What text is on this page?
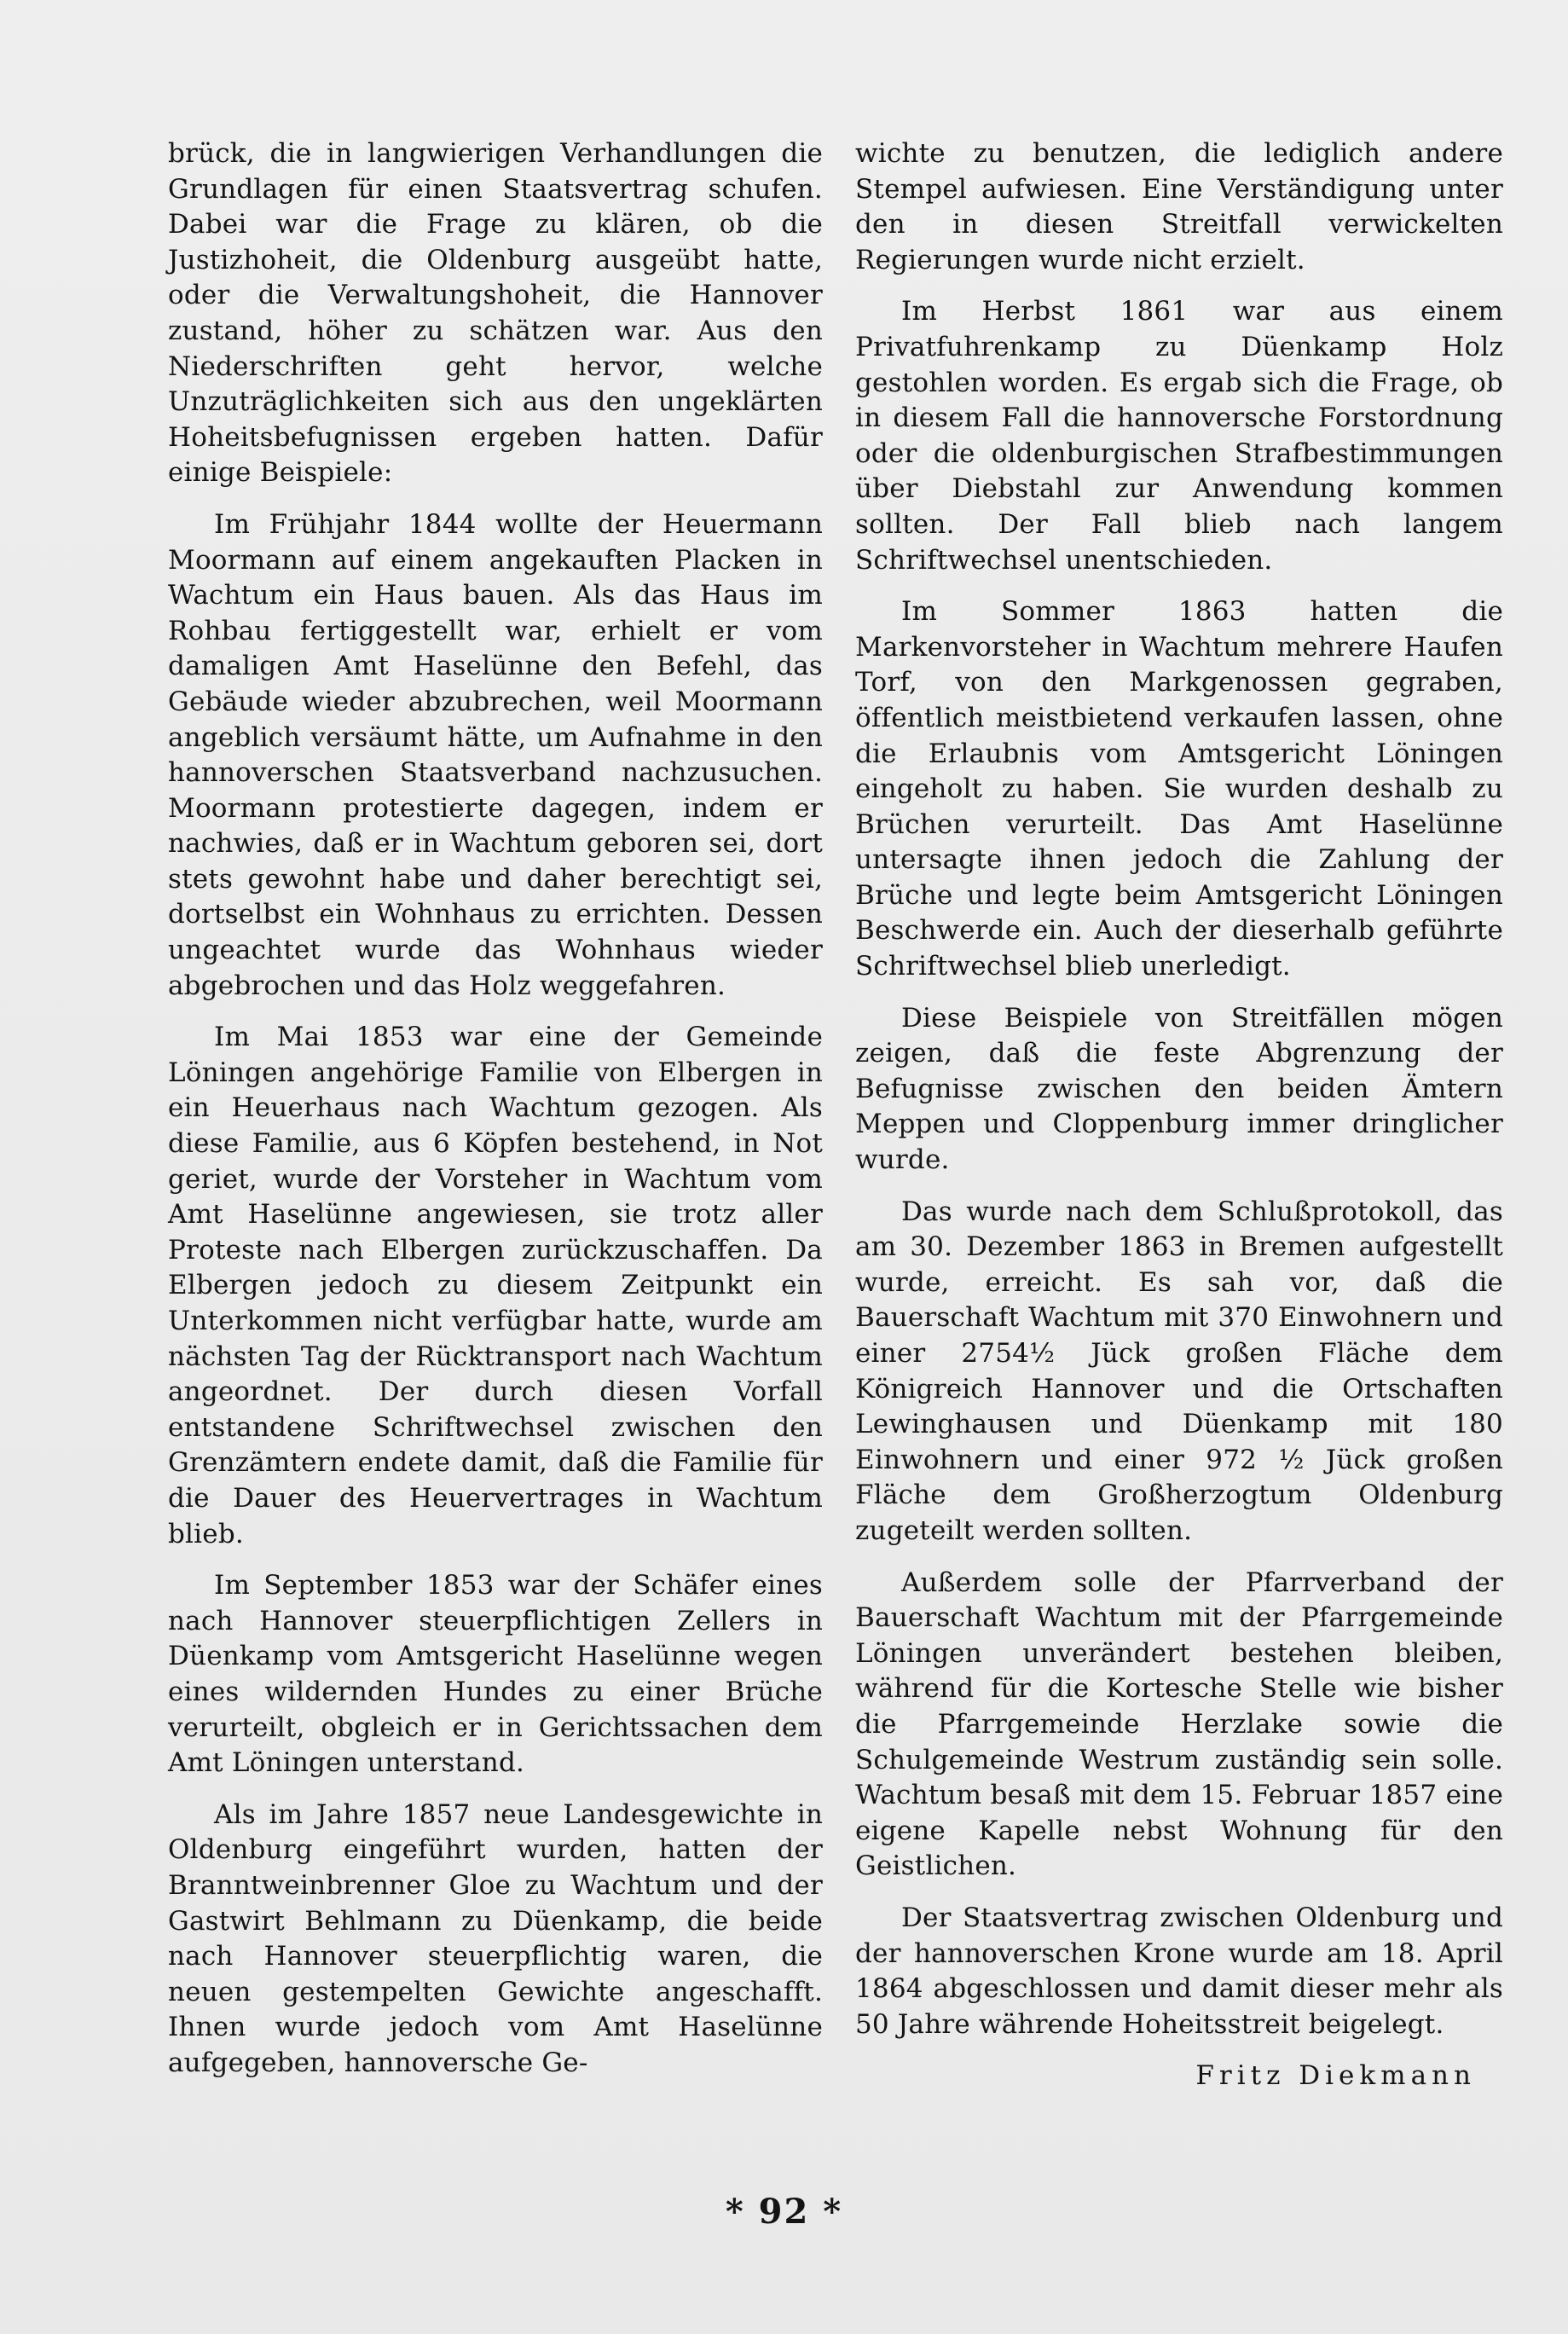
brück, die in langwierigen Verhandlungen die Grundlagen für einen Staatsvertrag schufen. Dabei war die Frage zu klären, ob die Justizhoheit, die Oldenburg ausgeübt hatte, oder die Verwaltungshoheit, die Hannover zustand, höher zu schätzen war. Aus den Niederschriften geht hervor, welche Unzuträglichkeiten sich aus den ungeklärten Hoheitsbefugnissen ergeben hatten. Dafür einige Beispiele:

Im Frühjahr 1844 wollte der Heuermann Moormann auf einem angekauften Placken in Wachtum ein Haus bauen. Als das Haus im Rohbau fertiggestellt war, erhielt er vom damaligen Amt Haselünne den Befehl, das Gebäude wieder abzubrechen, weil Moormann angeblich versäumt hätte, um Aufnahme in den hannoverschen Staatsverband nachzusuchen. Moormann protestierte dagegen, indem er nachwies, daß er in Wachtum geboren sei, dort stets gewohnt habe und daher berechtigt sei, dortselbst ein Wohnhaus zu errichten. Dessen ungeachtet wurde das Wohnhaus wieder abgebrochen und das Holz weggefahren.

Im Mai 1853 war eine der Gemeinde Löningen angehörige Familie von Elbergen in ein Heuerhaus nach Wachtum gezogen. Als diese Familie, aus 6 Köpfen bestehend, in Not geriet, wurde der Vorsteher in Wachtum vom Amt Haselünne angewiesen, sie trotz aller Proteste nach Elbergen zurückzuschaffen. Da Elbergen jedoch zu diesem Zeitpunkt ein Unterkommen nicht verfügbar hatte, wurde am nächsten Tag der Rücktransport nach Wachtum angeordnet. Der durch diesen Vorfall entstandene Schriftwechsel zwischen den Grenzämtern endete damit, daß die Familie für die Dauer des Heuervertrages in Wachtum blieb.

Im September 1853 war der Schäfer eines nach Hannover steuerpflichtigen Zellers in Düenkamp vom Amtsgericht Haselünne wegen eines wildernden Hundes zu einer Brüche verurteilt, obgleich er in Gerichtssachen dem Amt Löningen unterstand.

Als im Jahre 1857 neue Landesgewichte in Oldenburg eingeführt wurden, hatten der Branntweinbrenner Gloe zu Wachtum und der Gastwirt Behlmann zu Düenkamp, die beide nach Hannover steuerpflichtig waren, die neuen gestempelten Gewichte angeschafft. Ihnen wurde jedoch vom Amt Haselünne aufgegeben, hannoversche Ge-

wichte zu benutzen, die lediglich andere Stempel aufwiesen. Eine Verständigung unter den in diesen Streitfall verwickelten Regierungen wurde nicht erzielt.

Im Herbst 1861 war aus einem Privatfuhrenkamp zu Düenkamp Holz gestohlen worden. Es ergab sich die Frage, ob in diesem Fall die hannoversche Forstordnung oder die oldenburgischen Strafbestimmungen über Diebstahl zur Anwendung kommen sollten. Der Fall blieb nach langem Schriftwechsel unentschieden.

Im Sommer 1863 hatten die Markenvorsteher in Wachtum mehrere Haufen Torf, von den Markgenossen gegraben, öffentlich meistbietend verkaufen lassen, ohne die Erlaubnis vom Amtsgericht Löningen eingeholt zu haben. Sie wurden deshalb zu Brüchen verurteilt. Das Amt Haselünne untersagte ihnen jedoch die Zahlung der Brüche und legte beim Amtsgericht Löningen Beschwerde ein. Auch der dieserhalb geführte Schriftwechsel blieb unerledigt.

Diese Beispiele von Streitfällen mögen zeigen, daß die feste Abgrenzung der Befugnisse zwischen den beiden Ämtern Meppen und Cloppenburg immer dringlicher wurde.

Das wurde nach dem Schlußprotokoll, das am 30. Dezember 1863 in Bremen aufgestellt wurde, erreicht. Es sah vor, daß die Bauerschaft Wachtum mit 370 Einwohnern und einer 2754½ Jück großen Fläche dem Königreich Hannover und die Ortschaften Lewinghausen und Düenkamp mit 180 Einwohnern und einer 972 ½ Jück großen Fläche dem Großherzogtum Oldenburg zugeteilt werden sollten.

Außerdem solle der Pfarrverband der Bauerschaft Wachtum mit der Pfarrgemeinde Löningen unverändert bestehen bleiben, während für die Kortesche Stelle wie bisher die Pfarrgemeinde Herzlake sowie die Schulgemeinde Westrum zuständig sein solle. Wachtum besaß mit dem 15. Februar 1857 eine eigene Kapelle nebst Wohnung für den Geistlichen.

Der Staatsvertrag zwischen Oldenburg und der hannoverschen Krone wurde am 18. April 1864 abgeschlossen und damit dieser mehr als 50 Jahre währende Hoheitsstreit beigelegt.

Fritz Diekmann
* 92 *
